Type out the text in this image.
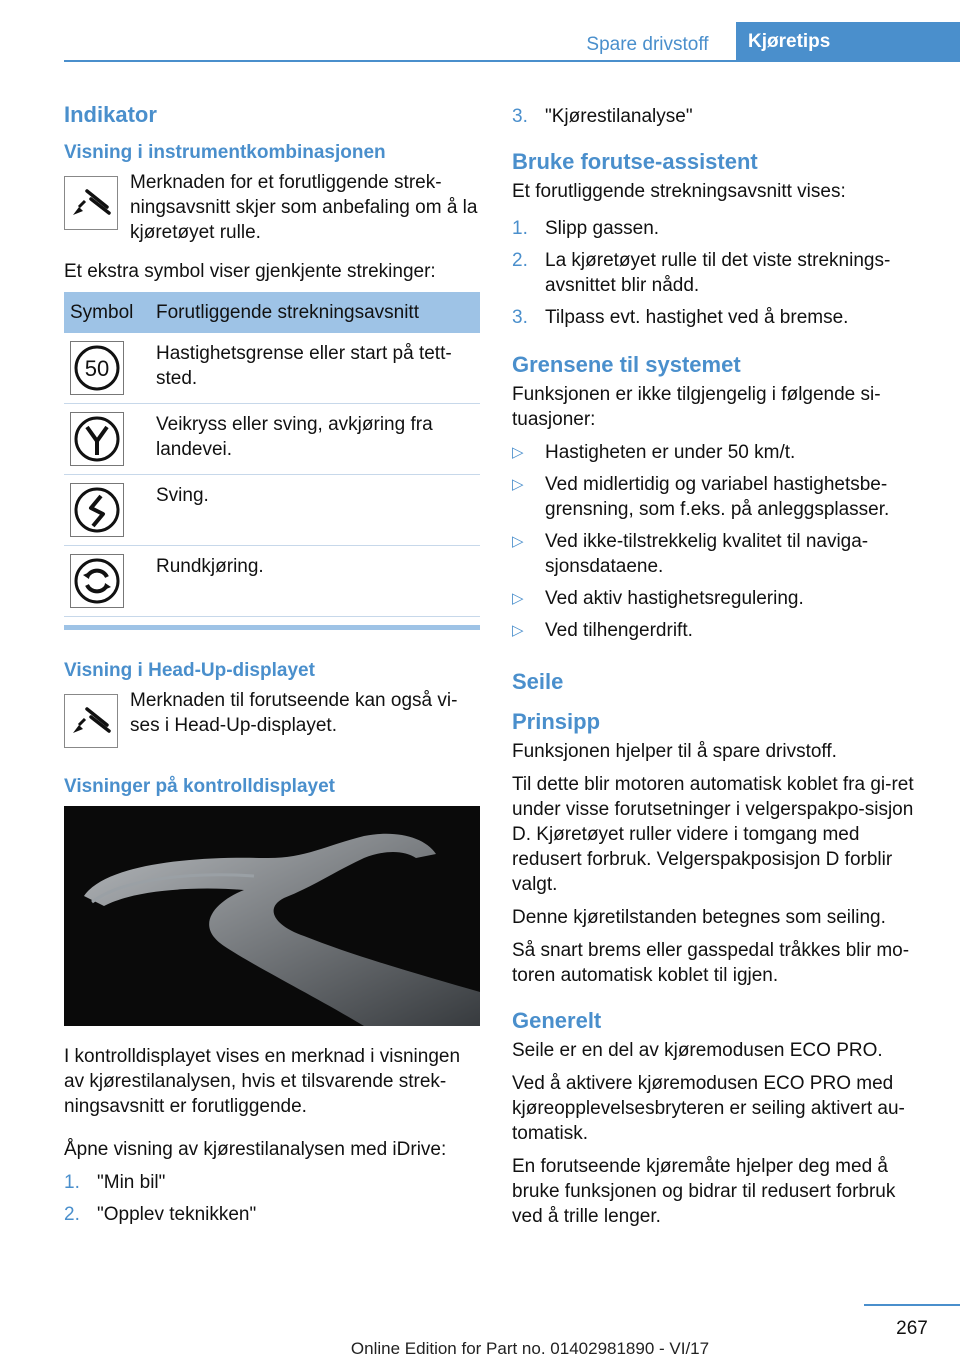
Spare drivstoff	Kjøretips
Indikator
Visning i instrumentkombinasjonen
Merknaden for et forutliggende strek-ningsavsnitt skjer som anbefaling om å la kjøretøyet rulle.
Et ekstra symbol viser gjenkjente strekinger:
Symbol	Forutliggende strekningsavsnitt

50	Hastighetsgrense eller start på tett-sted.

	Veikryss eller sving, avkjøring fra landevei.

	Sving.

	Rundkjøring.
Visning i Head-Up-displayet
Merknaden til forutseende kan også vi-ses i Head-Up-displayet.
Visninger på kontrolldisplayet
I kontrolldisplayet vises en merknad i visningen av kjørestilanalysen, hvis et tilsvarende strek-ningsavsnitt er forutliggende.
Åpne visning av kjørestilanalysen med iDrive:
1. "Min bil"
2. "Opplev teknikken"
3. "Kjørestilanalyse"
Bruke forutse-assistent
Et forutliggende strekningsavsnitt vises:
1. Slipp gassen.
2. La kjøretøyet rulle til det viste streknings-avsnittet blir nådd.
3. Tilpass evt. hastighet ved å bremse.
Grensene til systemet
Funksjonen er ikke tilgjengelig i følgende si-tuasjoner:
▷	Hastigheten er under 50 km/t.
▷	Ved midlertidig og variabel hastighetsbe-grensning, som f.eks. på anleggsplasser.
▷	Ved ikke-tilstrekkelig kvalitet til naviga-sjonsdataene.
▷	Ved aktiv hastighetsregulering.
▷	Ved tilhengerdrift.
Seile
Prinsipp
Funksjonen hjelper til å spare drivstoff.
Til dette blir motoren automatisk koblet fra gi-ret under visse forutsetninger i velgerspakpo-sisjon D. Kjøretøyet ruller videre i tomgang med redusert forbruk. Velgerspakposisjon D forblir valgt.
Denne kjøretilstanden betegnes som seiling.
Så snart brems eller gasspedal tråkkes blir mo-toren automatisk koblet til igjen.
Generelt
Seile er en del av kjøremodusen ECO PRO.
Ved å aktivere kjøremodusen ECO PRO med kjøreopplevelsesbryteren er seiling aktivert au-tomatisk.
En forutseende kjøremåte hjelper deg med å bruke funksjonen og bidrar til redusert forbruk ved å trille lenger.
267
Online Edition for Part no. 01402981890 - VI/17
